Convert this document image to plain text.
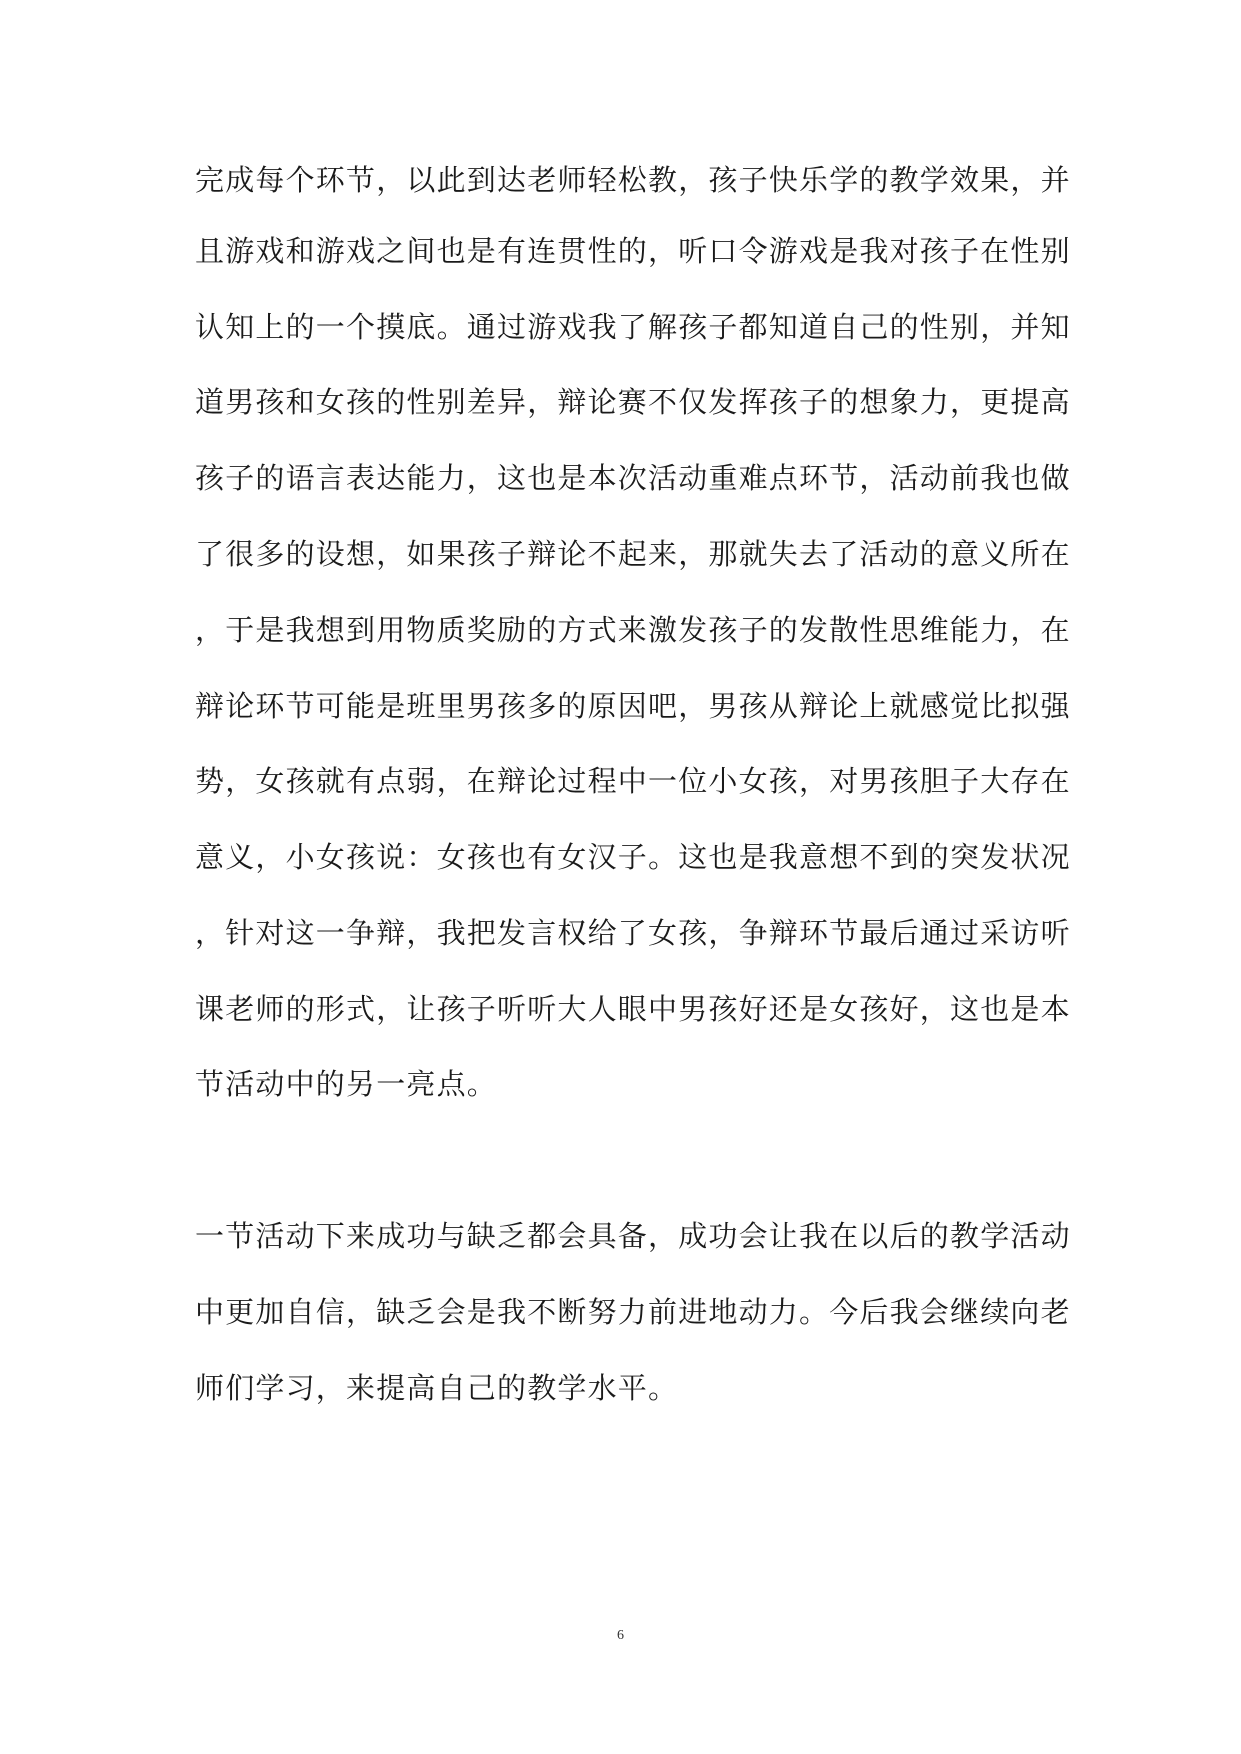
完成每个环节，以此到达老师轻松教，孩子快乐学的教学效果，并
且游戏和游戏之间也是有连贯性的，听口令游戏是我对孩子在性别
认知上的一个摸底。通过游戏我了解孩子都知道自己的性别，并知
道男孩和女孩的性别差异，辩论赛不仅发挥孩子的想象力，更提高
孩子的语言表达能力，这也是本次活动重难点环节，活动前我也做
了很多的设想，如果孩子辩论不起来，那就失去了活动的意义所在
，于是我想到用物质奖励的方式来激发孩子的发散性思维能力，在
辩论环节可能是班里男孩多的原因吧，男孩从辩论上就感觉比拟强
势，女孩就有点弱，在辩论过程中一位小女孩，对男孩胆子大存在
意义，小女孩说：女孩也有女汉子。这也是我意想不到的突发状况
，针对这一争辩，我把发言权给了女孩，争辩环节最后通过采访听
课老师的形式，让孩子听听大人眼中男孩好还是女孩好，这也是本
节活动中的另一亮点。
一节活动下来成功与缺乏都会具备，成功会让我在以后的教学活动
中更加自信，缺乏会是我不断努力前进地动力。今后我会继续向老
师们学习，来提高自己的教学水平。
6
